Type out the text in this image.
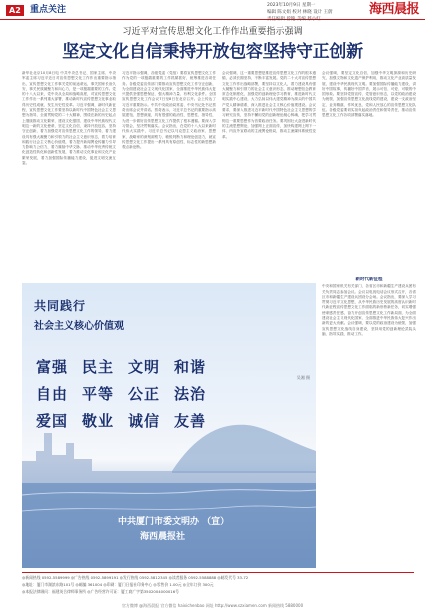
A2	重点关注	2023年10月9日 星期一
编辑 陈文娟 校对 林晓 设计 王蔚
责任编辑 曾艳 美编 蔡小红
海西晨报
习近平对宣传思想文化工作作出重要指示强调
坚定文化自信秉持开放包容坚持守正创新
新华社北京10月8日电 中共中央总书记、国家主席、中央军委主席习近平近日对宣传思想文化工作作出重要指示指出，宣传思想文化工作事关党的前途命运，事关国家长治久安，事关民族凝聚力和向心力，是一项极端重要的工作。党的十八大以来，党中央从全局和战略高度，对宣传思想文化工作作出一系列重大部署，推动新时代宣传思想文化事业取得历史性成就、发生历史性变革。习近平强调，新时代新征程，宣传思想文化工作要坚持以新时代中国特色社会主义思想为指导，全面贯彻党的二十大精神，围绕在新的历史起点上继续推动文化繁荣、建设文化强国、建设中华民族现代文明这一新的文化使命，坚定文化自信，秉持开放包容，坚持守正创新，着力加强党对宣传思想文化工作的领导，着力建设具有强大凝聚力和引领力的社会主义意识形态，着力培育和践行社会主义核心价值观，着力提升新闻舆论传播力引导力影响力公信力，着力赓续中华文脉、推动中华优秀传统文化创造性转化和创新性发展，着力推动文化事业和文化产业繁荣发展，着力加强国际传播能力建设，促进文明交流互鉴。
习近平指示强调，各级党委（党组）要将宣传思想文化工作作为党的一项极端重要的工作抓紧抓好，统筹推进各项任务。各级党委宣传部门要推动宣传思想文化工作守正创新，为全面建设社会主义现代化国家、全面推进中华民族伟大复兴提供坚强思想保证、强大精神力量、有利文化条件。全国宣传思想文化工作会议7日至8日在北京召开。会上传达了习近平重要指示。中共中央政治局常委、中央书记处书记蔡奇出席会议并讲话。蔡奇表示，习近平总书记的重要指示高屋建瓴、思想深邃，具有很强的政治性、思想性、指导性，为进一步做好宣传思想文化工作提供了根本遵循。要深入学习领会，坚决贯彻落实。会议指出，在党的十八大以来新时代伟大实践中，习近平总书记以马克思主义政治家、思想家、战略家的深刻洞察力、敏锐判断力和理论创造力，就宣传思想文化工作提出一系列具有原创性、标志性的新思想新观点新论断。
会议强调，这一重要思想是推进宣传思想文化工作的根本遵循，必须长期坚持、不断丰富发展。党的二十大对宣传思想文化工作作出战略部署，要坚持以文化人，着力建设具有强大凝聚力和引领力的社会主义意识形态，推动理想信念教育常态化制度化，加强党的创新理论学习教育，推进新时代文明实践中心建设，大力弘扬以伟大建党精神为源头的中国共产党人精神谱系，深入推进社会主义核心价值观建设。会议要求，要深入推进习近平新时代中国特色社会主义思想的学习研究宣传，坚持不懈用党的创新理论凝心铸魂，把学习贯彻这一重要思想作为首要政治任务。要巩固壮大奋进新时代的主流思想舆论，加强网上正面宣传，加快构建网上网下一体、内宣外宣联动的主流舆论格局，推动主流媒体系统性变革。
会议强调，要坚定文化自信，加强中华文明探源和历史研究，加强文物和文化遗产保护利用，推动文化产业高质量发展，建设中华民族现代文明。要加强国际传播能力建设，讲好中国故事，传播好中国声音，展示可信、可爱、可敬的中国形象。要坚持党管宣传、党管意识形态，以党的政治建设为统领，加强宣传思想文化战线党的建设，建设一支政治坚定、业务精湛、作风优良、党和人民放心的宣传思想文化队伍。各级党委要切实担负起政治责任和领导责任，推动宣传思想文化工作各项部署落实落地。
共同践行
社会主义核心价值观
吴湘 摄
富强 民主 文明 和谐
自由 平等 公正 法治
爱国 敬业 诚信 友善
中共厦门市委文明办 （宣）
海西晨报社
新时代新征程
中央和国家机关有关部门、各省区市和新疆生产建设兵团有关负责同志参加会议。会议以电视电话会议形式召开，各省区市和新疆生产建设兵团设分会场。会议指出，要深入学习贯彻习近平文化思想，从中华民族历史发展的高度认识新时代新征程宣传思想文化工作面临的新形势新任务，切实增强使命感责任感，奋力开创宣传思想文化工作新局面，为全面建设社会主义现代化国家、全面推进中华民族伟大复兴作出新的更大贡献。会议强调，要以党的政治建设为统领，加强宣传思想文化战线自身建设，坚持用党的创新理论武装头脑、指导实践、推动工作。
◎新闻热线 0592-5589999 ◎广告热线 0592-5899191 ◎发行热线 0592-5812345 ◎读者服务 0592-5588888 ◎邮发代号 33-72
◎地址：厦门市湖滨东路101号 ◎邮编 361004 ◎印刷：厦门日报社印务中心 ◎零售价 1.00元 ◎全年订价 300元
◎本报法律顾问：福建英合律师事务所 ◎广告经营许可证：厦工商广字第3502004000016号
官方微博 @海西晨报 官方微信 haixichenbao 网址 http://www.szxiamen.com 新闻热线 5880000
